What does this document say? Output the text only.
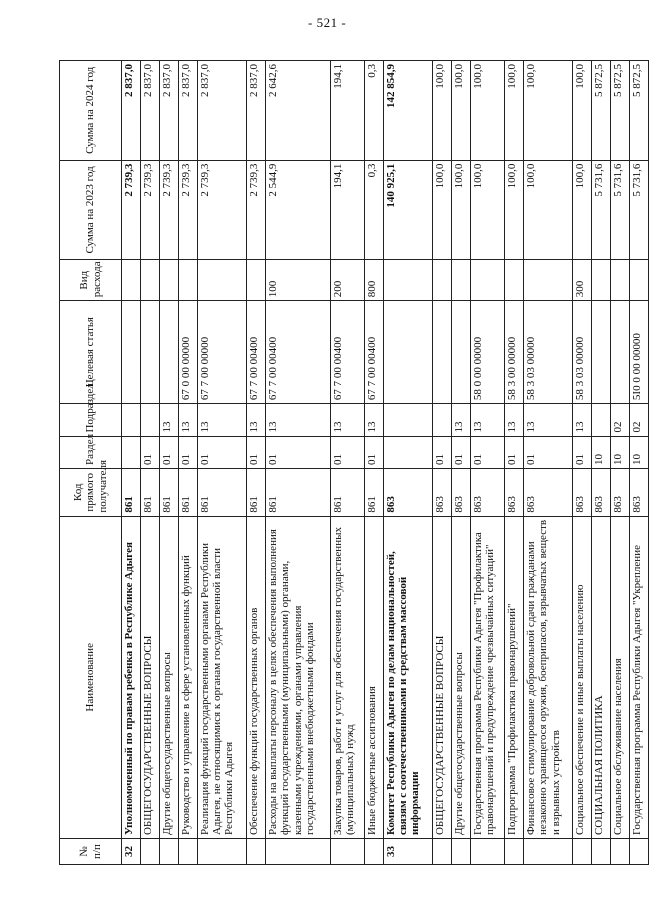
- 521 -
№ п/п	Наименование	Код прямого получателя	Раздел	Подраздел	Целевая статья	Вид расхода	Сумма на 2023 год	Сумма на 2024 год
32	Уполномоченный по правам ребенка в Республике Адыгея	861					2 739,3	2 837,0
	ОБЩЕГОСУДАРСТВЕННЫЕ ВОПРОСЫ	861	01				2 739,3	2 837,0
	Другие общегосударственные вопросы	861	01	13			2 739,3	2 837,0
	Руководство и управление в сфере установленных функций	861	01	13	67 0 00 00000		2 739,3	2 837,0
	Реализация функций государственными органами Республики Адыгея, не относящимися к органам государственной власти Республики Адыгея	861	01	13	67 7 00 00000		2 739,3	2 837,0
	Обеспечение функций государственных органов	861	01	13	67 7 00 00400		2 739,3	2 837,0
	Расходы на выплаты персоналу в целях обеспечения выполнения функций государственными (муниципальными) органами, казенными учреждениями, органами управления государственными внебюджетными фондами	861	01	13	67 7 00 00400	100	2 544,9	2 642,6
	Закупка товаров, работ и услуг для обеспечения государственных (муниципальных) нужд	861	01	13	67 7 00 00400	200	194,1	194,1
	Иные бюджетные ассигнования	861	01	13	67 7 00 00400	800	0,3	0,3
33	Комитет Республики Адыгея по делам национальностей, связям с соотечественниками и средствам массовой информации	863					140 925,1	142 854,9
	ОБЩЕГОСУДАРСТВЕННЫЕ ВОПРОСЫ	863	01				100,0	100,0
	Другие общегосударственные вопросы	863	01	13			100,0	100,0
	Государственная программа Республики Адыгея "Профилактика правонарушений и предупреждение чрезвычайных ситуаций"	863	01	13	58 0 00 00000		100,0	100,0
	Подпрограмма "Профилактика правонарушений"	863	01	13	58 3 00 00000		100,0	100,0
	Финансовое стимулирование добровольной сдачи гражданами незаконно хранящегося оружия, боеприпасов, взрывчатых веществ и взрывных устройств	863	01	13	58 3 03 00000		100,0	100,0
	Социальное обеспечение и иные выплаты населению	863	01	13	58 3 03 00000	300	100,0	100,0
	СОЦИАЛЬНАЯ ПОЛИТИКА	863	10				5 731,6	5 872,5
	Социальное обслуживание населения	863	10	02			5 731,6	5 872,5
	Государственная программа Республики Адыгея "Укрепление	863	10	02	5I0 0 00 00000		5 731,6	5 872,5
